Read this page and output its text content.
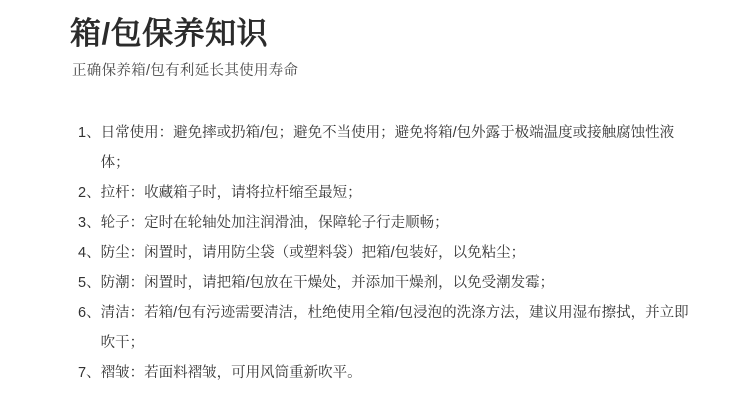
箱/包保养知识
正确保养箱/包有利延长其使用寿命
1、 日常使用：避免摔或扔箱/包；避免不当使用；避免将箱/包外露于极端温度或接触腐蚀性液体；
2、 拉杆：收藏箱子时，请将拉杆缩至最短；
3、 轮子：定时在轮轴处加注润滑油，保障轮子行走顺畅；
4、 防尘：闲置时，请用防尘袋（或塑料袋）把箱/包装好，以免粘尘；
5、 防潮：闲置时，请把箱/包放在干燥处，并添加干燥剂，以免受潮发霉；
6、 清洁：若箱/包有污迹需要清洁，杜绝使用全箱/包浸泡的洗涤方法，建议用湿布擦拭，并立即吹干；
7、 褶皱：若面料褶皱，可用风筒重新吹平。
